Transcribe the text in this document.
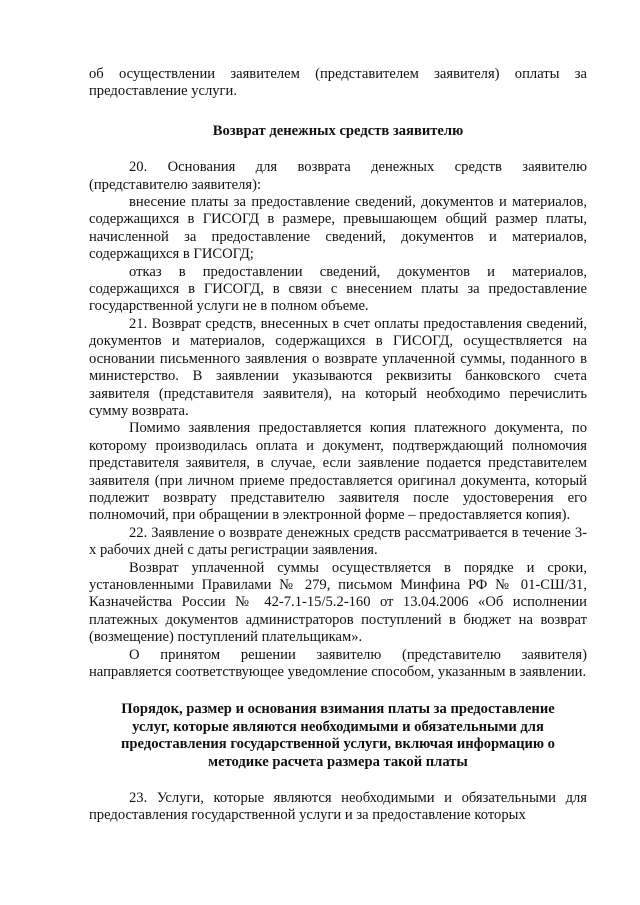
об осуществлении заявителем (представителем заявителя) оплаты за предоставление услуги.

Возврат денежных средств заявителю

20. Основания для возврата денежных средств заявителю (представителю заявителя):

внесение платы за предоставление сведений, документов и материалов, содержащихся в ГИСОГД в размере, превышающем общий размер платы, начисленной за предоставление сведений, документов и материалов, содержащихся в ГИСОГД;

отказ в предоставлении сведений, документов и материалов, содержащихся в ГИСОГД, в связи с внесением платы за предоставление государственной услуги не в полном объеме.

21. Возврат средств, внесенных в счет оплаты предоставления сведений, документов и материалов, содержащихся в ГИСОГД, осуществляется на основании письменного заявления о возврате уплаченной суммы, поданного в министерство. В заявлении указываются реквизиты банковского счета заявителя (представителя заявителя), на который необходимо перечислить сумму возврата.

Помимо заявления предоставляется копия платежного документа, по которому производилась оплата и документ, подтверждающий полномочия представителя заявителя, в случае, если заявление подается представителем заявителя (при личном приеме предоставляется оригинал документа, который подлежит возврату представителю заявителя после удостоверения его полномочий, при обращении в электронной форме – предоставляется копия).

22. Заявление о возврате денежных средств рассматривается в течение 3-х рабочих дней с даты регистрации заявления.

Возврат уплаченной суммы осуществляется в порядке и сроки, установленными Правилами № 279, письмом Минфина РФ № 01-СШ/31, Казначейства России № 42-7.1-15/5.2-160 от 13.04.2006 «Об исполнении платежных документов администраторов поступлений в бюджет на возврат (возмещение) поступлений плательщикам».

О принятом решении заявителю (представителю заявителя) направляется соответствующее уведомление способом, указанным в заявлении.

Порядок, размер и основания взимания платы за предоставление услуг, которые являются необходимыми и обязательными для предоставления государственной услуги, включая информацию о методике расчета размера такой платы

23. Услуги, которые являются необходимыми и обязательными для предоставления государственной услуги и за предоставление которых
